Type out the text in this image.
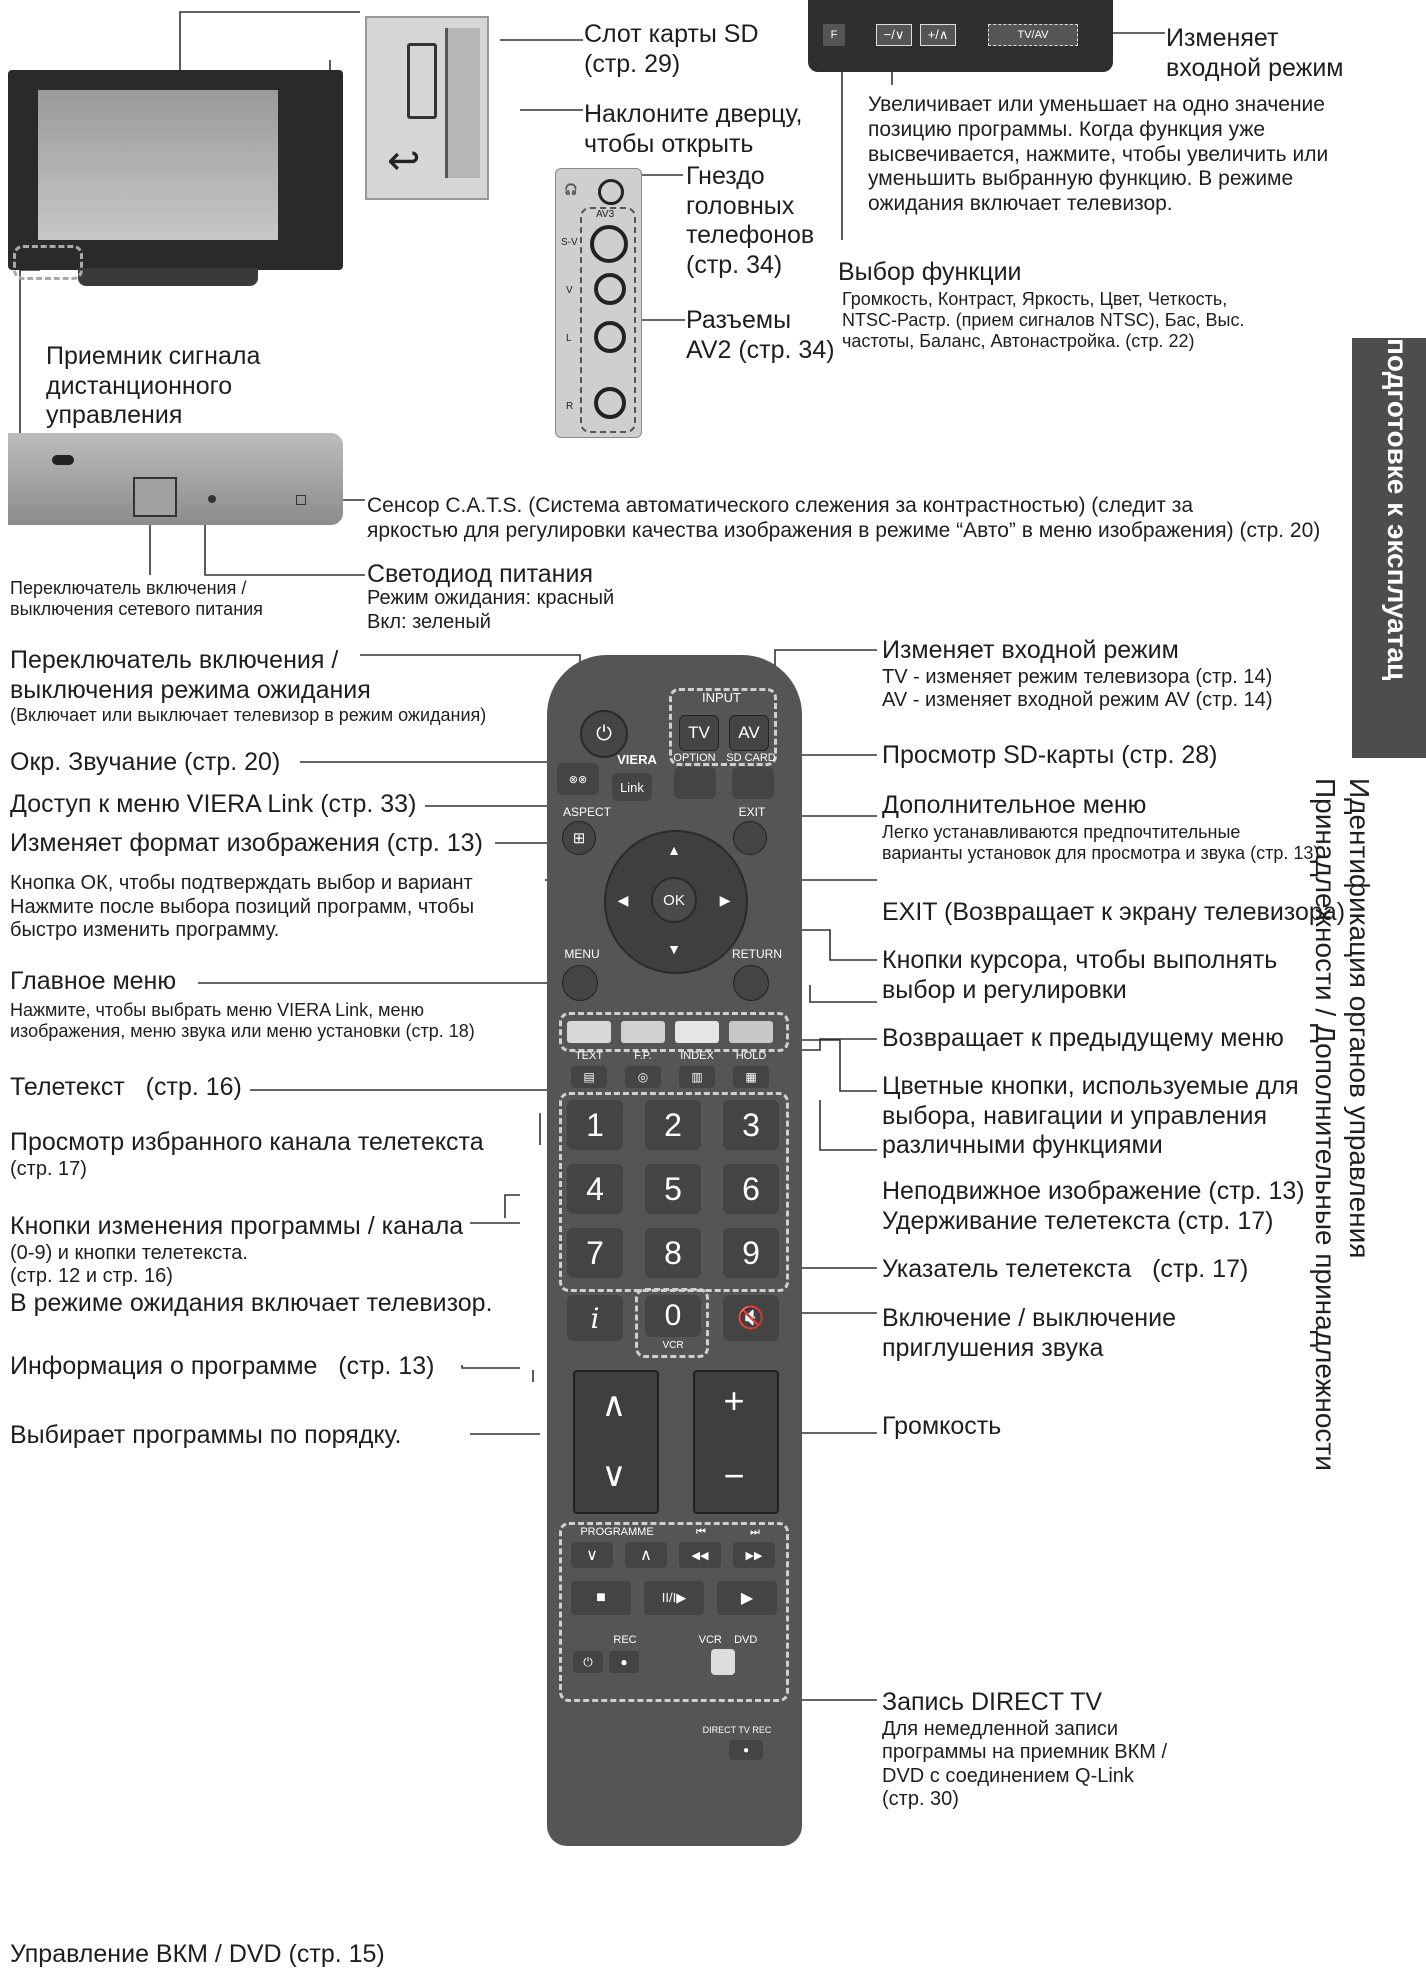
↩
🎧
AV3
S-V
V
L
R
F	−/∨	+/∧	TV/AV
⏻
INPUT
TV	AV
⊗⊗
VIERA
Link
OPTION SD CARD
ASPECT
⊞
EXIT
▲
▼
◀	▶
OK
MENU	RETURN
TEXT	F.P.	INDEX	HOLD
▤	◎	▥	▦
i	0
VCR
🔇
∧
∨
+
−
PROGRAMME	⏮	⏭
∨	∧	◀◀	▶▶
■	II/I▶	▶
REC	VCR    DVD
⏻	●
DIRECT TV REC
●
1	2	3
4	5	6
7	8	9
Слот карты SD
(стр. 29)
Наклоните дверцу,
чтобы открыть
Гнездо
головных
телефонов
(стр. 34)
Разъемы
AV2 (стр. 34)
Изменяет
входной режим
Увеличивает или уменьшает на одно значение
позицию программы. Когда функция уже
высвечивается, нажмите, чтобы увеличить или
уменьшить выбранную функцию. В режиме
ожидания включает телевизор.
Выбор функции
Громкость, Контраст, Яркость, Цвет, Четкость,
NTSC-Растр. (прием сигналов NTSC), Бас, Выс.
частоты, Баланс, Автонастройка. (стр. 22)
Приемник сигнала
дистанционного
управления
Сенсор C.A.T.S. (Система автоматического слежения за контрастностью) (следит за
яркостью для регулировки качества изображения в режиме “Авто” в меню изображения) (стр. 20)
Переключатель включения /
выключения сетевого питания
Светодиод питания
Режим ожидания: красный
Вкл: зеленый
Переключатель включения /
выключения режима ожидания
(Включает или выключает телевизор в режим ожидания)
Окр. Звучание (стр. 20)
Доступ к меню VIERA Link (стр. 33)
Изменяет формат изображения (стр. 13)
Кнопка ОК, чтобы подтверждать выбор и вариант
Нажмите после выбора позиций программ, чтобы
быстро изменить программу.
Главное меню
Нажмите, чтобы выбрать меню VIERA Link, меню
изображения, меню звука или меню установки (стр. 18)
Телетекст   (стр. 16)
Просмотр избранного канала телетекста
(стр. 17)
Кнопки изменения программы / канала
(0-9) и кнопки телетекста.
(стр. 12 и стр. 16)
В режиме ожидания включает телевизор.
Информация о программе   (стр. 13)
Выбирает программы по порядку.
Управление ВКМ / DVD (стр. 15)
Изменяет входной режим
TV - изменяет режим телевизора (стр. 14)
AV - изменяет входной режим AV (стр. 14)
Просмотр SD-карты (стр. 28)
Дополнительное меню
Легко устанавливаются предпочтительные
варианты установок для просмотра и звука (стр. 13)
EXIT (Возвращает к экрану телевизора)
Кнопки курсора, чтобы выполнять
выбор и регулировки
Возвращает к предыдущему меню
Цветные кнопки, используемые для
выбора, навигации и управления
различными функциями
Неподвижное изображение (стр. 13)
Удерживание телетекста (стр. 17)
Указатель телетекста   (стр. 17)
Включение / выключение
приглушения звука
Громкость
Запись DIRECT TV
Для немедленной записи
программы на приемник ВКМ /
DVD с соединением Q-Link
(стр. 30)
подготовке к эксплуатац
Идентификация органов управления
Принадлежности / Дополнительные принадлежности
